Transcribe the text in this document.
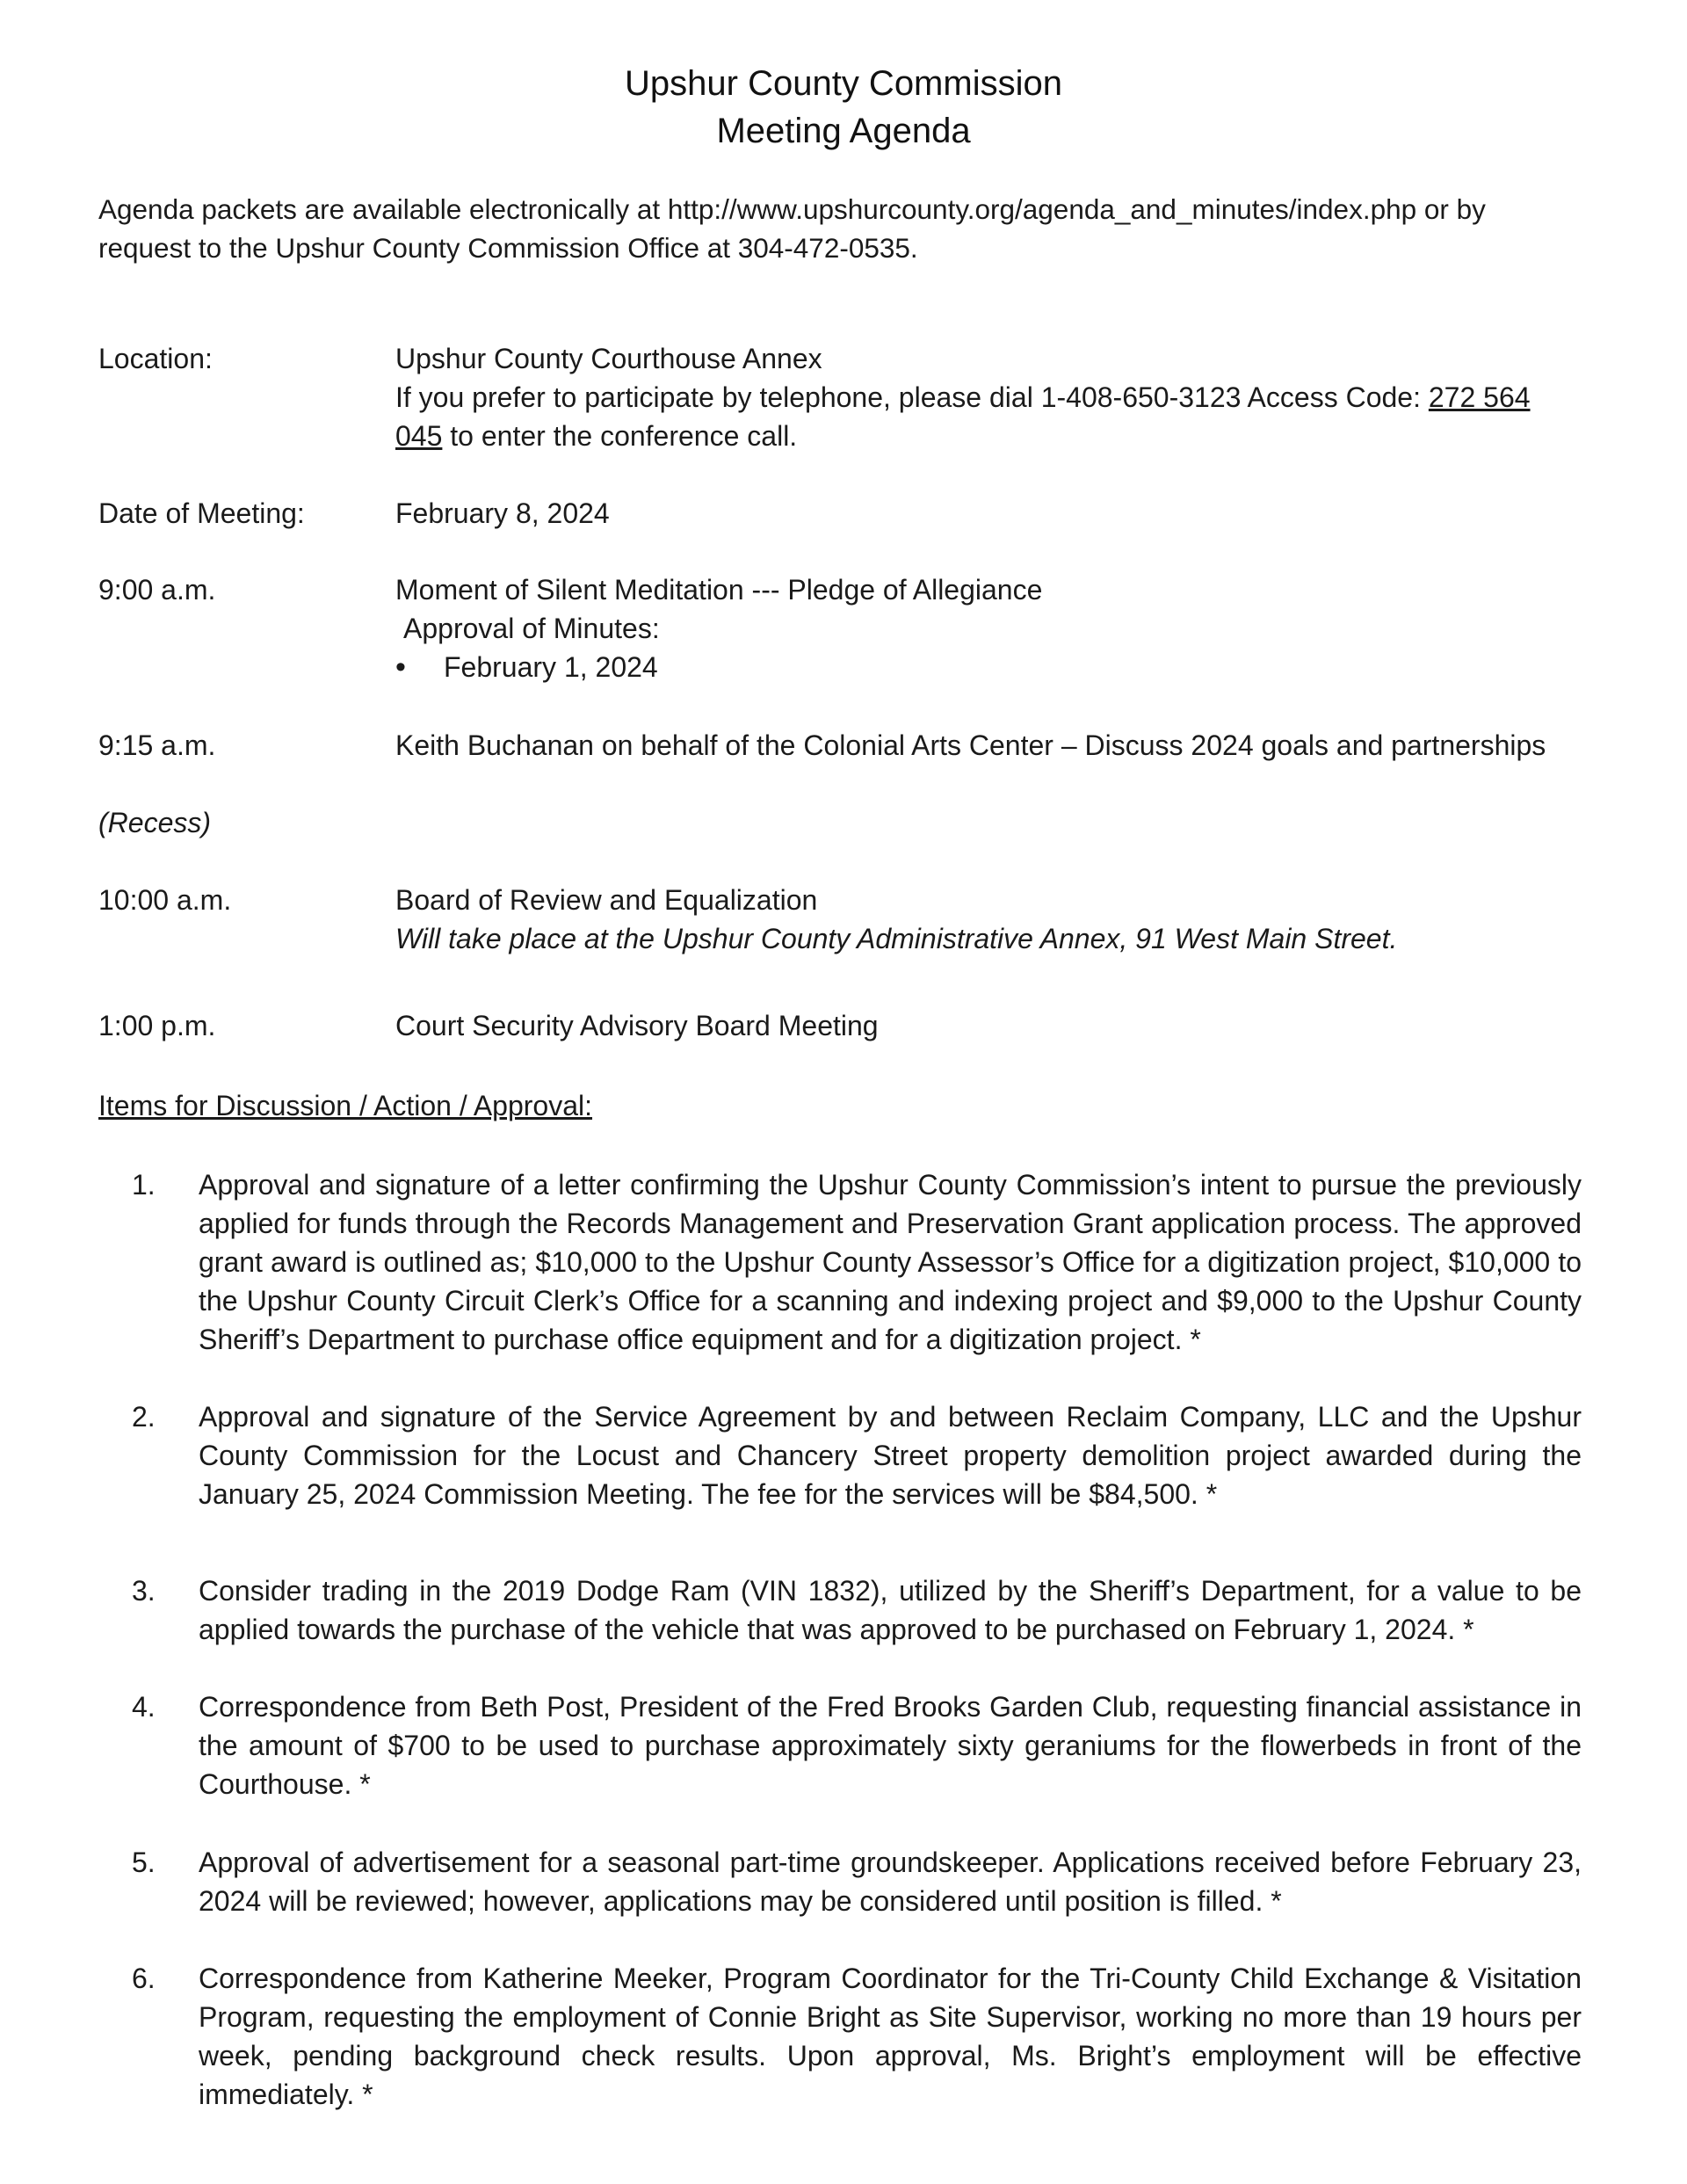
Upshur County Commission
Meeting Agenda
Agenda packets are available electronically at http://www.upshurcounty.org/agenda_and_minutes/index.php or by request to the Upshur County Commission Office at 304-472-0535.
Location:	Upshur County Courthouse Annex
If you prefer to participate by telephone, please dial 1-408-650-3123 Access Code: 272 564 045 to enter the conference call.
Date of Meeting:	February 8, 2024
9:00 a.m.	Moment of Silent Meditation --- Pledge of Allegiance
Approval of Minutes:
• February 1, 2024
9:15 a.m.	Keith Buchanan on behalf of the Colonial Arts Center – Discuss 2024 goals and partnerships
(Recess)
10:00 a.m.	Board of Review and Equalization
Will take place at the Upshur County Administrative Annex, 91 West Main Street.
1:00 p.m.	Court Security Advisory Board Meeting
Items for Discussion / Action / Approval:
1.	Approval and signature of a letter confirming the Upshur County Commission’s intent to pursue the previously applied for funds through the Records Management and Preservation Grant application process. The approved grant award is outlined as; $10,000 to the Upshur County Assessor’s Office for a digitization project, $10,000 to the Upshur County Circuit Clerk’s Office for a scanning and indexing project and $9,000 to the Upshur County Sheriff’s Department to purchase office equipment and for a digitization project. *
2.	Approval and signature of the Service Agreement by and between Reclaim Company, LLC and the Upshur County Commission for the Locust and Chancery Street property demolition project awarded during the January 25, 2024 Commission Meeting. The fee for the services will be $84,500. *
3.	Consider trading in the 2019 Dodge Ram (VIN 1832), utilized by the Sheriff’s Department, for a value to be applied towards the purchase of the vehicle that was approved to be purchased on February 1, 2024. *
4.	Correspondence from Beth Post, President of the Fred Brooks Garden Club, requesting financial assistance in the amount of $700 to be used to purchase approximately sixty geraniums for the flowerbeds in front of the Courthouse. *
5.	Approval of advertisement for a seasonal part-time groundskeeper. Applications received before February 23, 2024 will be reviewed; however, applications may be considered until position is filled. *
6.	Correspondence from Katherine Meeker, Program Coordinator for the Tri-County Child Exchange & Visitation Program, requesting the employment of Connie Bright as Site Supervisor, working no more than 19 hours per week, pending background check results. Upon approval, Ms. Bright’s employment will be effective immediately. *
